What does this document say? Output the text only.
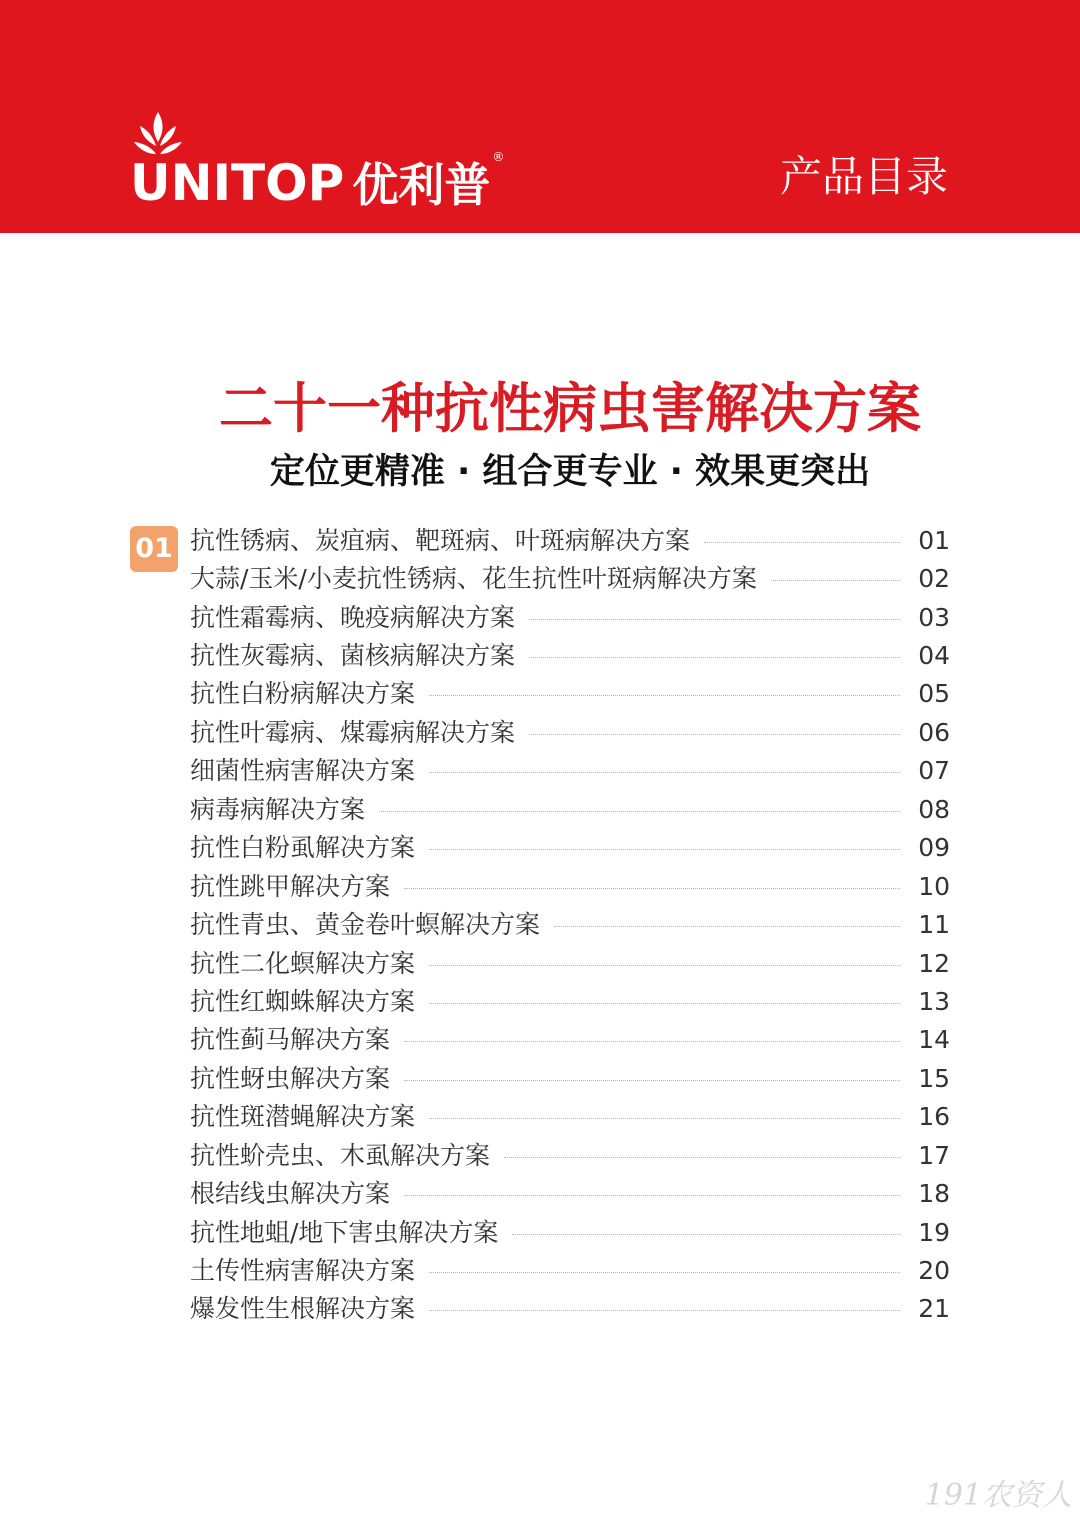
UNITOP 优利普
®	产品目录
二十一种抗性病虫害解决方案
定位更精准 · 组合更专业 · 效果更突出
01 抗性锈病、炭疽病、靶斑病、叶斑病解决方案	01
大蒜/玉米/小麦抗性锈病、花生抗性叶斑病解决方案	02
抗性霜霉病、晚疫病解决方案	03
抗性灰霉病、菌核病解决方案	04
抗性白粉病解决方案	05
抗性叶霉病、煤霉病解决方案	06
细菌性病害解决方案	07
病毒病解决方案	08
抗性白粉虱解决方案	09
抗性跳甲解决方案	10
抗性青虫、黄金卷叶螟解决方案	11
抗性二化螟解决方案	12
抗性红蜘蛛解决方案	13
抗性蓟马解决方案	14
抗性蚜虫解决方案	15
抗性斑潜蝇解决方案	16
抗性蚧壳虫、木虱解决方案	17
根结线虫解决方案	18
抗性地蛆/地下害虫解决方案	19
土传性病害解决方案	20
爆发性生根解决方案	21
191农资人
